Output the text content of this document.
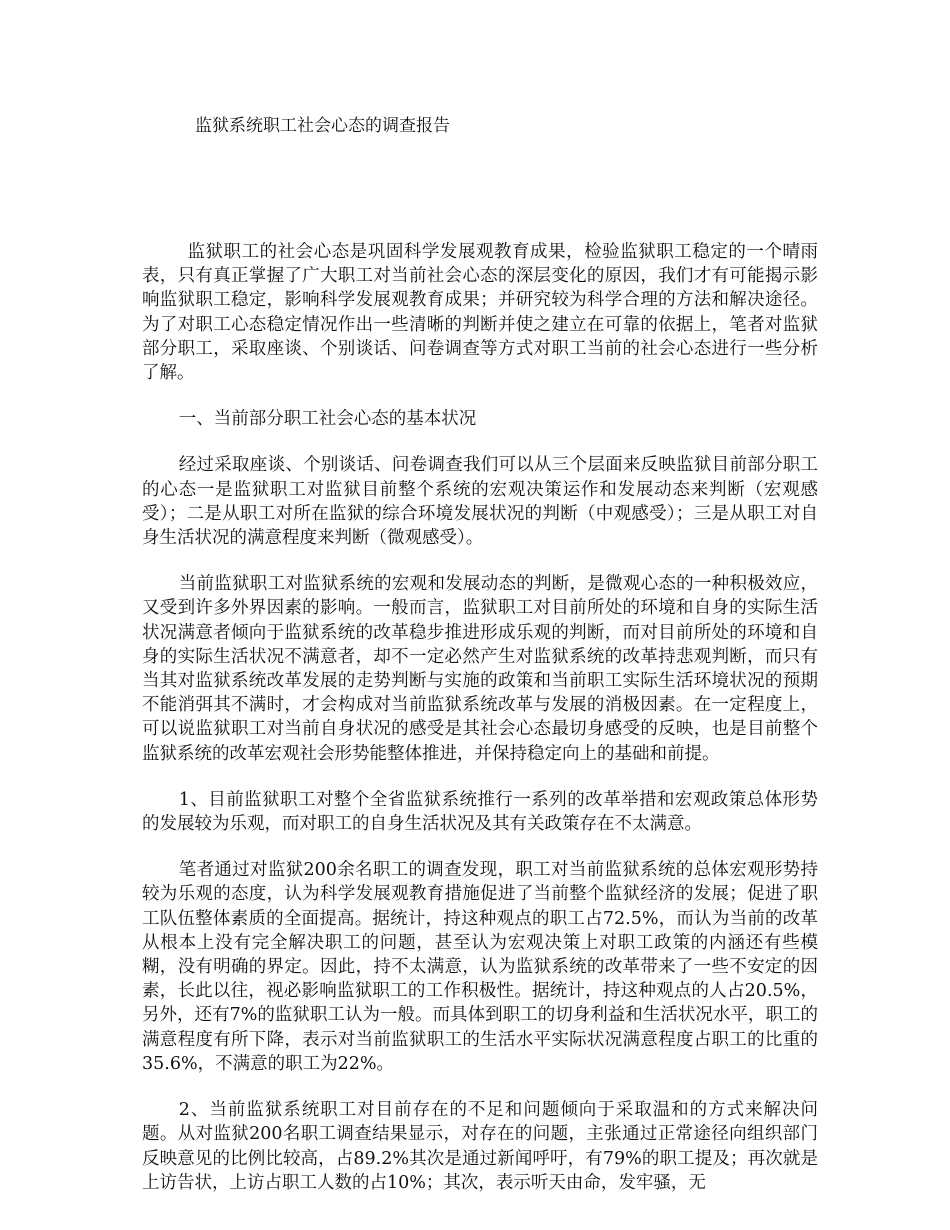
监狱系统职工社会心态的调查报告

监狱职工的社会心态是巩固科学发展观教育成果，检验监狱职工稳定的一个晴雨表，只有真正掌握了广大职工对当前社会心态的深层变化的原因，我们才有可能揭示影响监狱职工稳定，影响科学发展观教育成果；并研究较为科学合理的方法和解决途径。为了对职工心态稳定情况作出一些清晰的判断并使之建立在可靠的依据上，笔者对监狱部分职工，采取座谈、个别谈话、问卷调查等方式对职工当前的社会心态进行一些分析了解。

一、当前部分职工社会心态的基本状况

经过采取座谈、个别谈话、问卷调查我们可以从三个层面来反映监狱目前部分职工的心态一是监狱职工对监狱目前整个系统的宏观决策运作和发展动态来判断（宏观感受）；二是从职工对所在监狱的综合环境发展状况的判断（中观感受）；三是从职工对自身生活状况的满意程度来判断（微观感受）。

当前监狱职工对监狱系统的宏观和发展动态的判断，是微观心态的一种积极效应，又受到许多外界因素的影响。一般而言，监狱职工对目前所处的环境和自身的实际生活状况满意者倾向于监狱系统的改革稳步推进形成乐观的判断，而对目前所处的环境和自身的实际生活状况不满意者，却不一定必然产生对监狱系统的改革持悲观判断，而只有当其对监狱系统改革发展的走势判断与实施的政策和当前职工实际生活环境状况的预期不能消弭其不满时，才会构成对当前监狱系统改革与发展的消极因素。在一定程度上，可以说监狱职工对当前自身状况的感受是其社会心态最切身感受的反映，也是目前整个监狱系统的改革宏观社会形势能整体推进，并保持稳定向上的基础和前提。

1、目前监狱职工对整个全省监狱系统推行一系列的改革举措和宏观政策总体形势的发展较为乐观，而对职工的自身生活状况及其有关政策存在不太满意。

笔者通过对监狱200余名职工的调查发现，职工对当前监狱系统的总体宏观形势持较为乐观的态度，认为科学发展观教育措施促进了当前整个监狱经济的发展；促进了职工队伍整体素质的全面提高。据统计，持这种观点的职工占72.5%，而认为当前的改革从根本上没有完全解决职工的问题，甚至认为宏观决策上对职工政策的内涵还有些模糊，没有明确的界定。因此，持不太满意，认为监狱系统的改革带来了一些不安定的因素，长此以往，视必影响监狱职工的工作积极性。据统计，持这种观点的人占20.5%，另外，还有7%的监狱职工认为一般。而具体到职工的切身利益和生活状况水平，职工的满意程度有所下降，表示对当前监狱职工的生活水平实际状况满意程度占职工的比重的35.6%，不满意的职工为22%。

2、当前监狱系统职工对目前存在的不足和问题倾向于采取温和的方式来解决问题。从对监狱200名职工调查结果显示，对存在的问题，主张通过正常途径向组织部门反映意见的比例比较高，占89.2%其次是通过新闻呼吁，有79%的职工提及；再次就是上访告状，上访占职工人数的占10%；其次，表示听天由命，发牢骚，无
